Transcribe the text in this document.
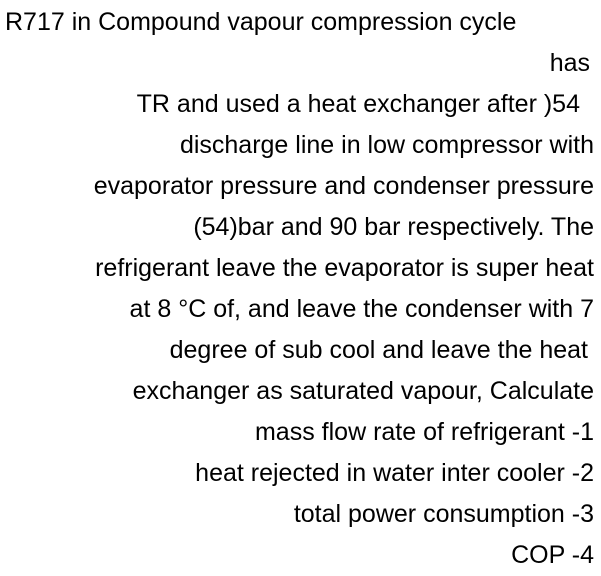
R717 in Compound vapour compression cycle
has
TR and used a heat exchanger after )54
discharge line in low compressor with
evaporator pressure and condenser pressure
(54)bar and 90 bar respectively. The
refrigerant leave the evaporator is super heat
at 8 °C of, and leave the condenser with 7
degree of sub cool and leave the heat
exchanger as saturated vapour, Calculate
mass flow rate of refrigerant -1
heat rejected in water inter cooler -2
total power consumption -3
COP -4
